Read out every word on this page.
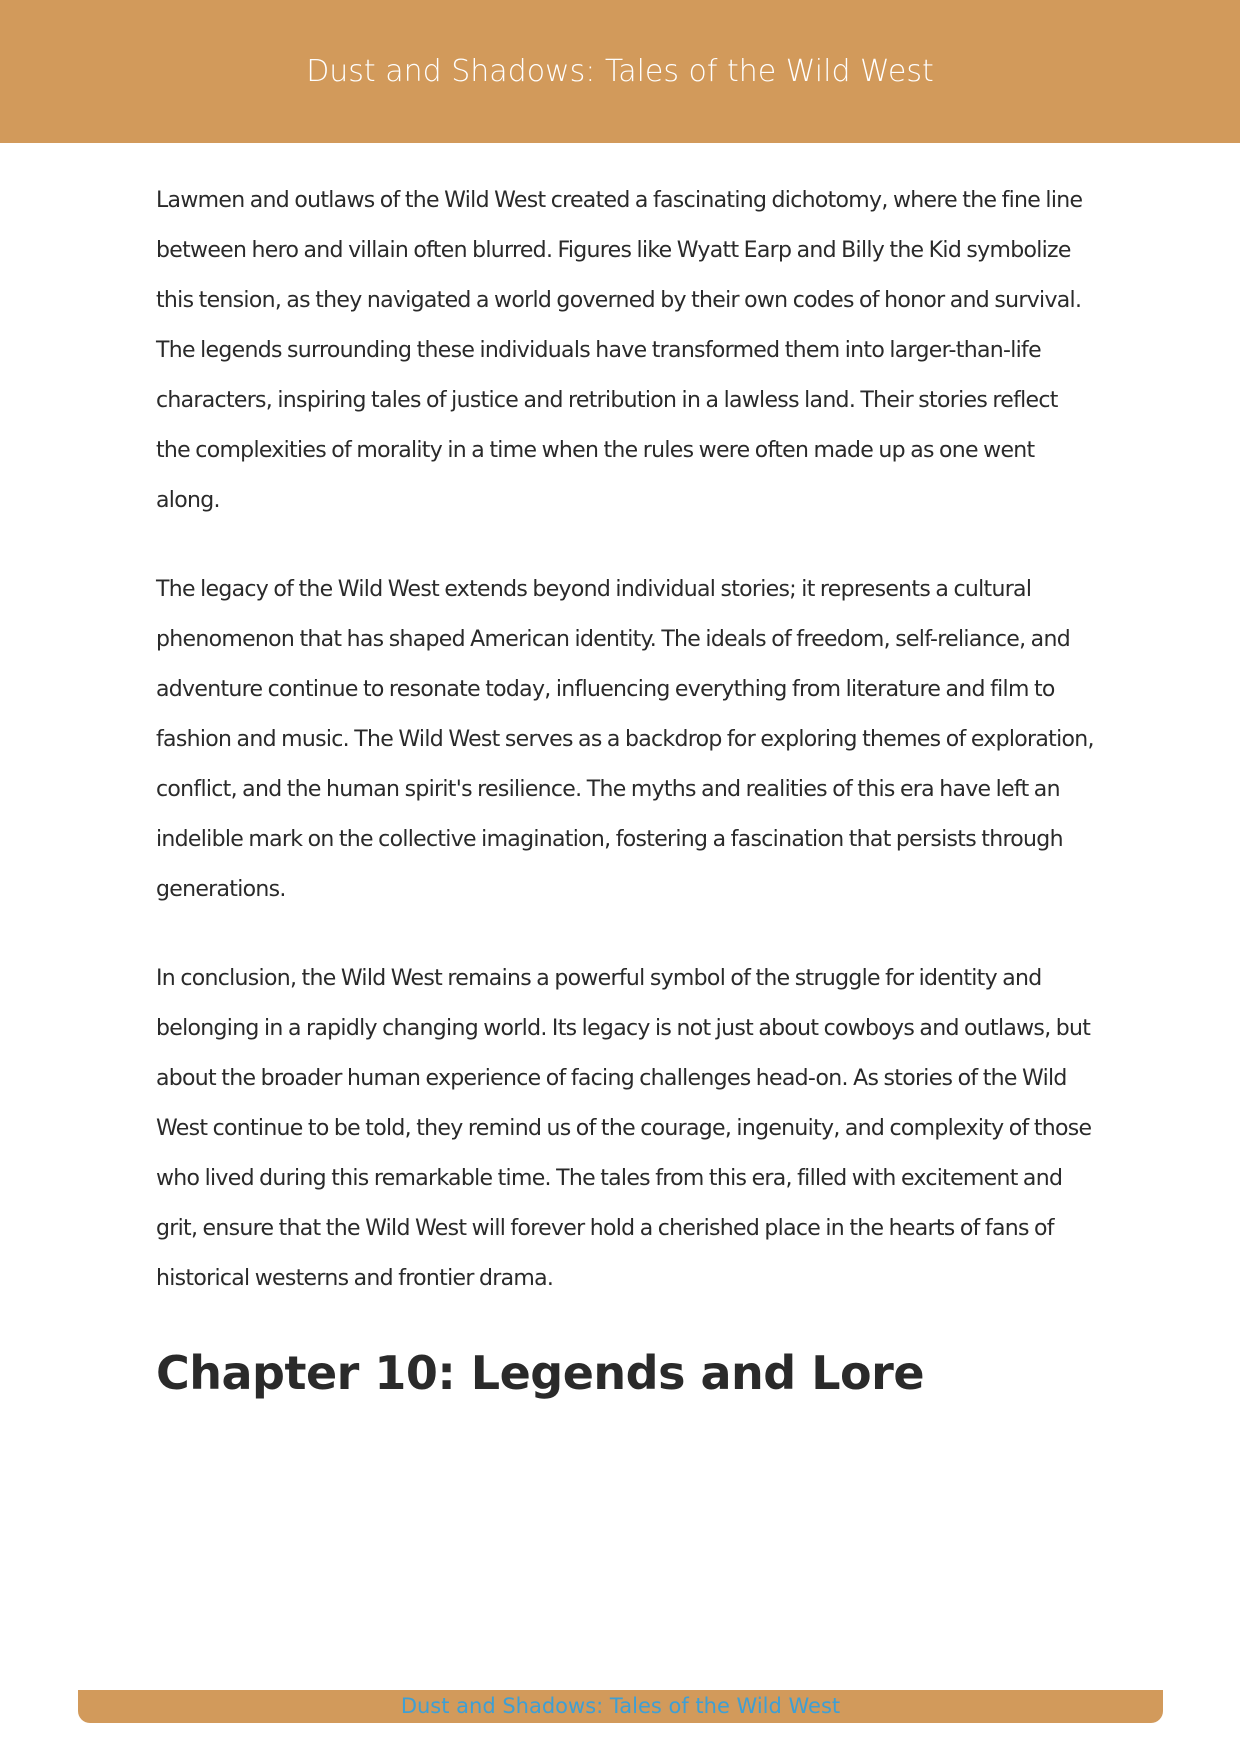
Dust and Shadows: Tales of the Wild West

Lawmen and outlaws of the Wild West created a fascinating dichotomy, where the fine line between hero and villain often blurred. Figures like Wyatt Earp and Billy the Kid symbolize this tension, as they navigated a world governed by their own codes of honor and survival. The legends surrounding these individuals have transformed them into larger-than-life characters, inspiring tales of justice and retribution in a lawless land. Their stories reflect the complexities of morality in a time when the rules were often made up as one went along.

The legacy of the Wild West extends beyond individual stories; it represents a cultural phenomenon that has shaped American identity. The ideals of freedom, self-reliance, and adventure continue to resonate today, influencing everything from literature and film to fashion and music. The Wild West serves as a backdrop for exploring themes of exploration, conflict, and the human spirit's resilience. The myths and realities of this era have left an indelible mark on the collective imagination, fostering a fascination that persists through generations.

In conclusion, the Wild West remains a powerful symbol of the struggle for identity and belonging in a rapidly changing world. Its legacy is not just about cowboys and outlaws, but about the broader human experience of facing challenges head-on. As stories of the Wild West continue to be told, they remind us of the courage, ingenuity, and complexity of those who lived during this remarkable time. The tales from this era, filled with excitement and grit, ensure that the Wild West will forever hold a cherished place in the hearts of fans of historical westerns and frontier drama.

Chapter 10: Legends and Lore
Dust and Shadows: Tales of the Wild West
